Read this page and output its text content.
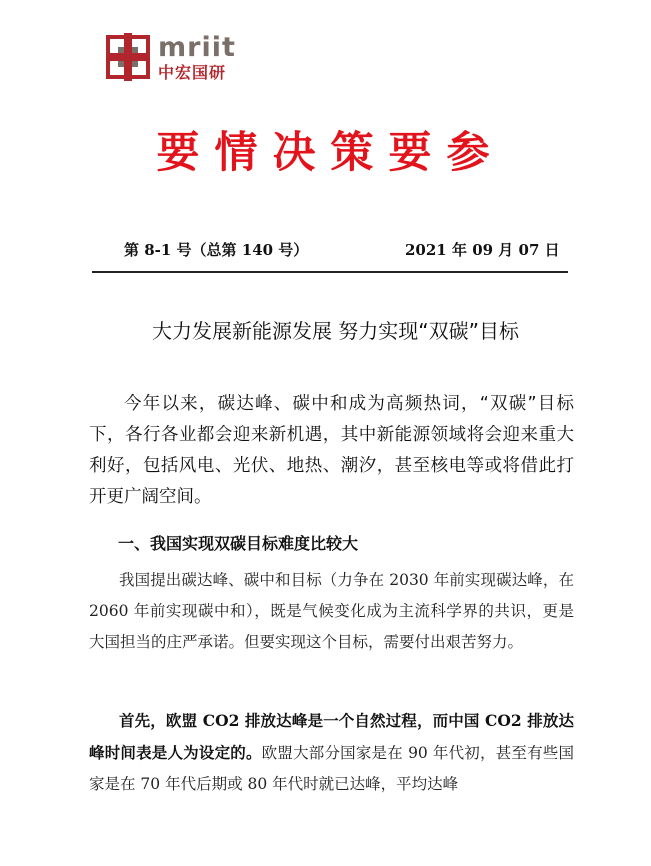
mriit
中宏国研
要情决策要参
第 8-1 号（总第 140 号）	2021 年 09 月 07 日
大力发展新能源发展 努力实现“双碳”目标

今年以来，碳达峰、碳中和成为高频热词，“双碳”目标下，各行各业都会迎来新机遇，其中新能源领域将会迎来重大利好，包括风电、光伏、地热、潮汐，甚至核电等或将借此打开更广阔空间。

一、我国实现双碳目标难度比较大

我国提出碳达峰、碳中和目标（力争在 2030 年前实现碳达峰，在 2060 年前实现碳中和），既是气候变化成为主流科学界的共识，更是大国担当的庄严承诺。但要实现这个目标，需要付出艰苦努力。

首先，欧盟 CO2 排放达峰是一个自然过程，而中国 CO2 排放达峰时间表是人为设定的。欧盟大部分国家是在 90 年代初，甚至有些国家是在 70 年代后期或 80 年代时就已达峰，平均达峰
